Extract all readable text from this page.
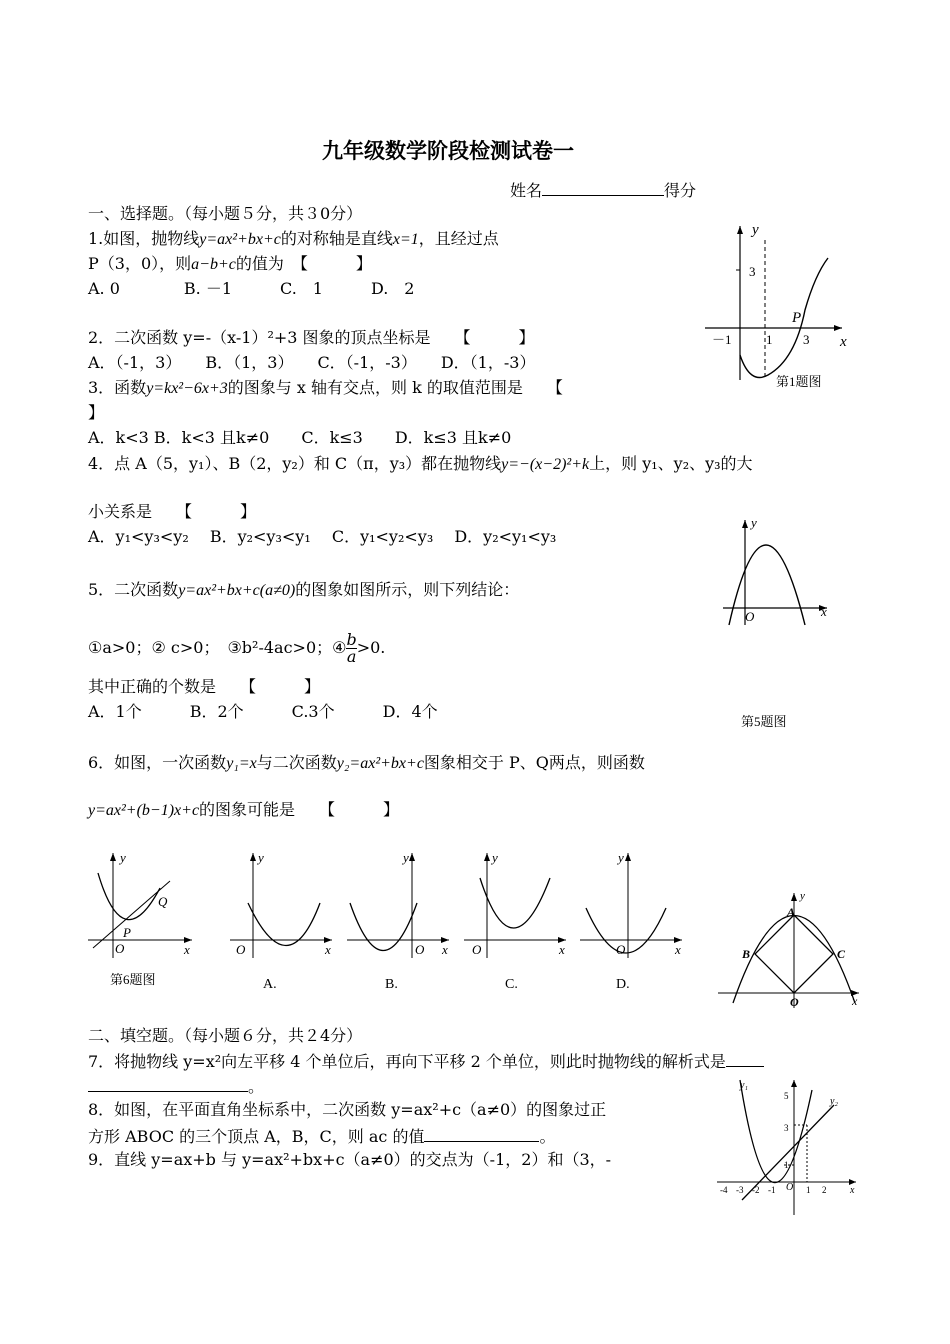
九年级数学阶段检测试卷一
姓名	得分
一、选择题。（每小题５分，共３0分）
1.如图，抛物线y=ax²+bx+c的对称轴是直线x=1，且经过点
P（3，0），则a−b+c的值为　【　　　】
A. 0　　　　B. －1　　　C.　1　　　D.　2
y
x
3
P
－1	1 3
第1题图
2．二次函数 y=-（x-1）²+3 图象的顶点坐标是　　【　　　】
A．（-1，3）　　B．（1，3）　　C．（-1，-3）　　D．（1，-3）
3．函数y=kx²−6x+3的图象与 x 轴有交点，则 k 的取值范围是　　【
】
A．k<3 B．k<3 且k≠0　　C．k≤3　　D．k≤3 且k≠0
4．点 A（5，y₁）、B（2，y₂）和 C（π，y₃）都在抛物线y=−(x−2)²+k上，则 y₁、y₂、y₃的大
小关系是　　【　　　】
A．y₁<y₃<y₂　 B．y₂<y₃<y₁　 C．y₁<y₂<y₃　 D．y₂<y₁<y₃
y
x
O
第5题图
5．二次函数y=ax²+bx+c(a≠0)的图象如图所示，则下列结论：
①a>0；② c>0；　③b²-4ac>0；④ $\frac{b}{a} >0$.
其中正确的个数是　　【　　　】
A．1个　　　B．2个　　　C.3个　　　D．4个
6．如图，一次函数y₁=x与二次函数y₂=ax²+bx+c图象相交于 P、Q两点，则函数
y=ax²+(b−1)x+c的图象可能是　　【　　　】
y
x
O
P
Q
第6题图
y
x
O
A.
y
x
O
B.
y
x
O
C.
y
x
O
D.
y
x
A
B	C
O
二、填空题。（每小题６分，共２4分）
7．将抛物线 y=x²向左平移 4 个单位后，再向下平移 2 个单位，则此时抛物线的解析式是
。
8．如图，在平面直角坐标系中，二次函数 y=ax²+c（a≠0）的图象过正
方形 ABOC 的三个顶点 A，B，C，则 ac 的值	。
9．直线 y=ax+b 与 y=ax²+bx+c（a≠0）的交点为（-1，2）和（3，-
y₁
y₂
x
O
-4 -3 -2 -1	1 2
5
3
1
